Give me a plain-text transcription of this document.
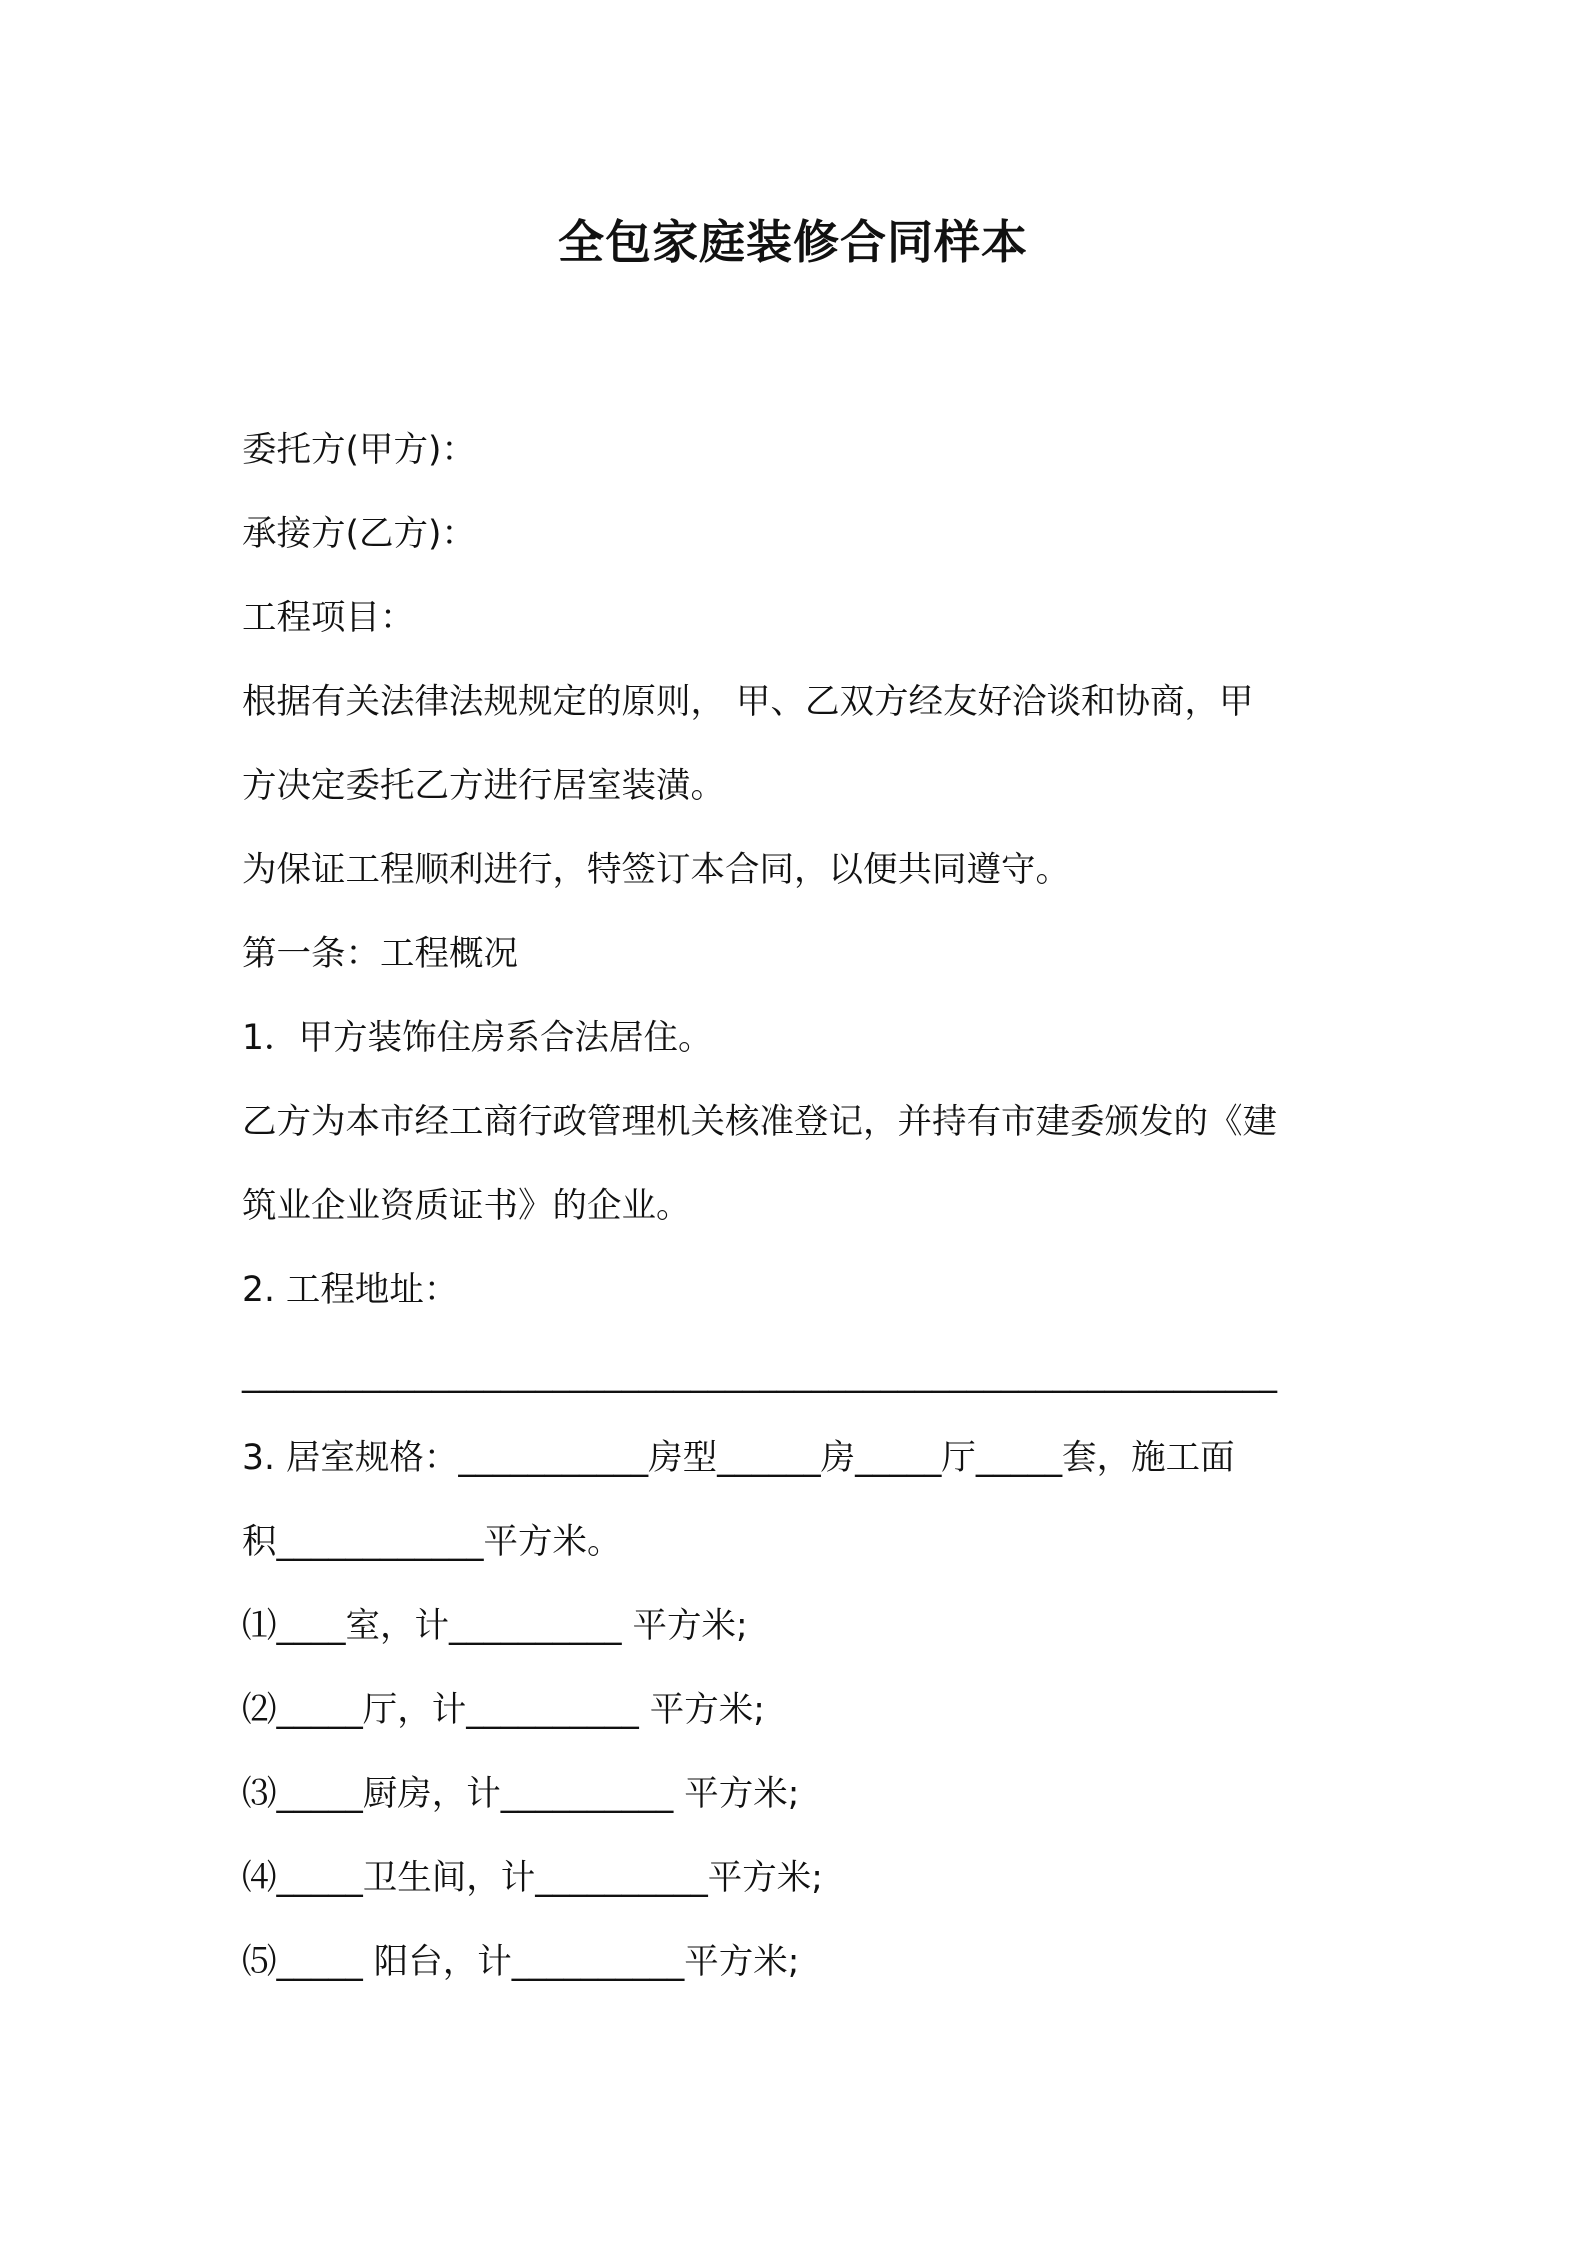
全包家庭装修合同样本
委托方(甲方)：
承接方(乙方)：
工程项目：
根据有关法律法规规定的原则， 甲、乙双方经友好洽谈和协商，甲
方决定委托乙方进行居室装潢。
为保证工程顺利进行，特签订本合同，以便共同遵守。
第一条：工程概况
1．甲方装饰住房系合法居住。
乙方为本市经工商行政管理机关核准登记，并持有市建委颁发的《建
筑业企业资质证书》的企业。
2. 工程地址：
____________________________________________________________
3. 居室规格：___________房型______房_____厅_____套，施工面
积____________平方米。
⑴____室，计__________ 平方米;
⑵_____厅，计__________ 平方米;
⑶_____厨房，计__________ 平方米;
⑷_____卫生间，计__________平方米;
⑸_____ 阳台，计__________平方米;
